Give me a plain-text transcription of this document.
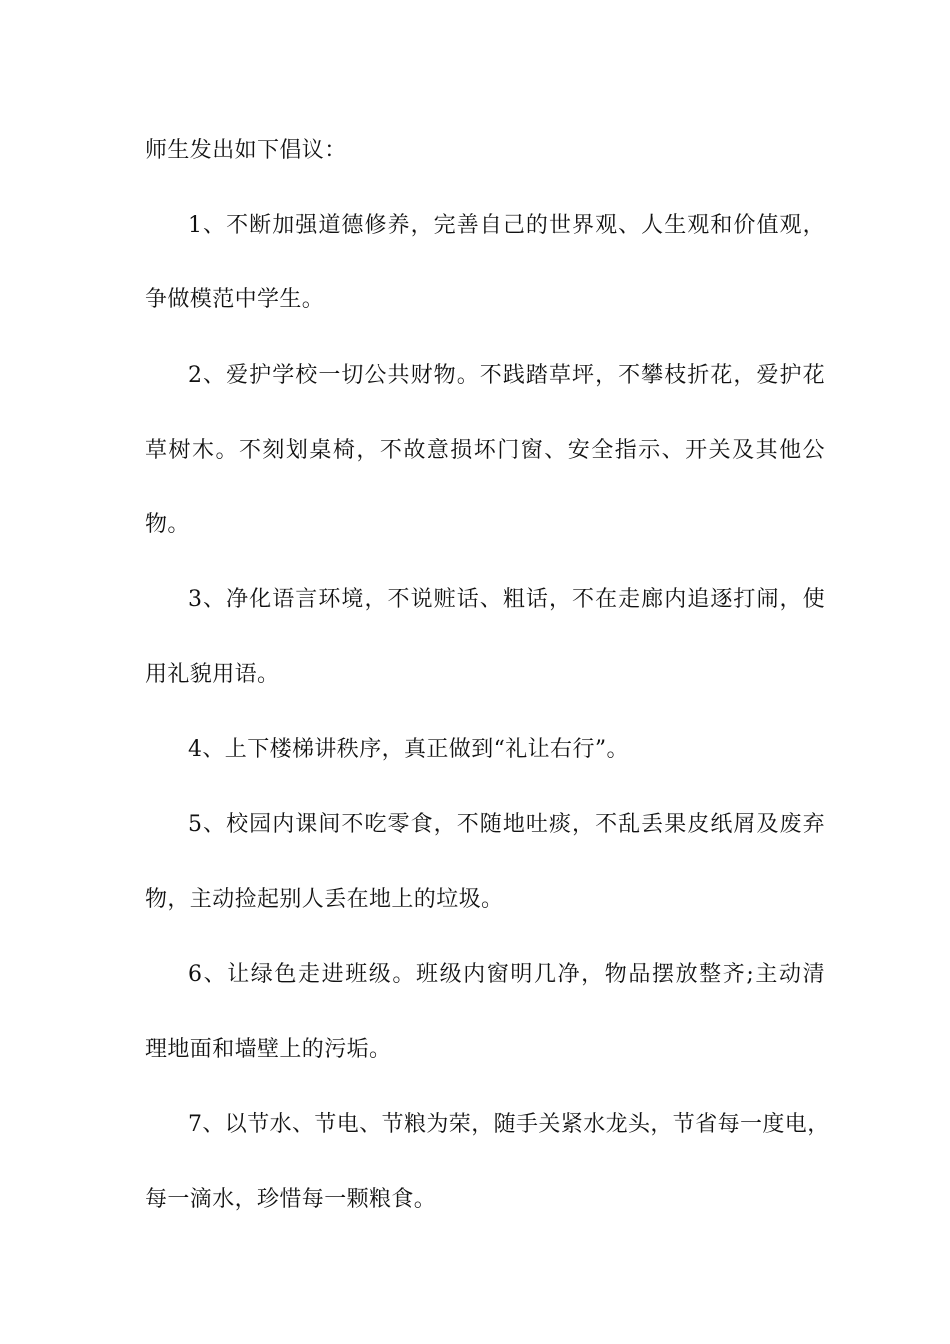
师生发出如下倡议：
1、不断加强道德修养，完善自己的世界观、人生观和价值观，
争做模范中学生。
2、爱护学校一切公共财物。不践踏草坪，不攀枝折花，爱护花
草树木。不刻划桌椅，不故意损坏门窗、安全指示、开关及其他公
物。
3、净化语言环境，不说赃话、粗话，不在走廊内追逐打闹，使
用礼貌用语。
4、上下楼梯讲秩序，真正做到“礼让右行”。
5、校园内课间不吃零食，不随地吐痰，不乱丢果皮纸屑及废弃
物，主动捡起别人丢在地上的垃圾。
6、让绿色走进班级。班级内窗明几净，物品摆放整齐;主动清
理地面和墙壁上的污垢。
7、以节水、节电、节粮为荣，随手关紧水龙头，节省每一度电，
每一滴水，珍惜每一颗粮食。
